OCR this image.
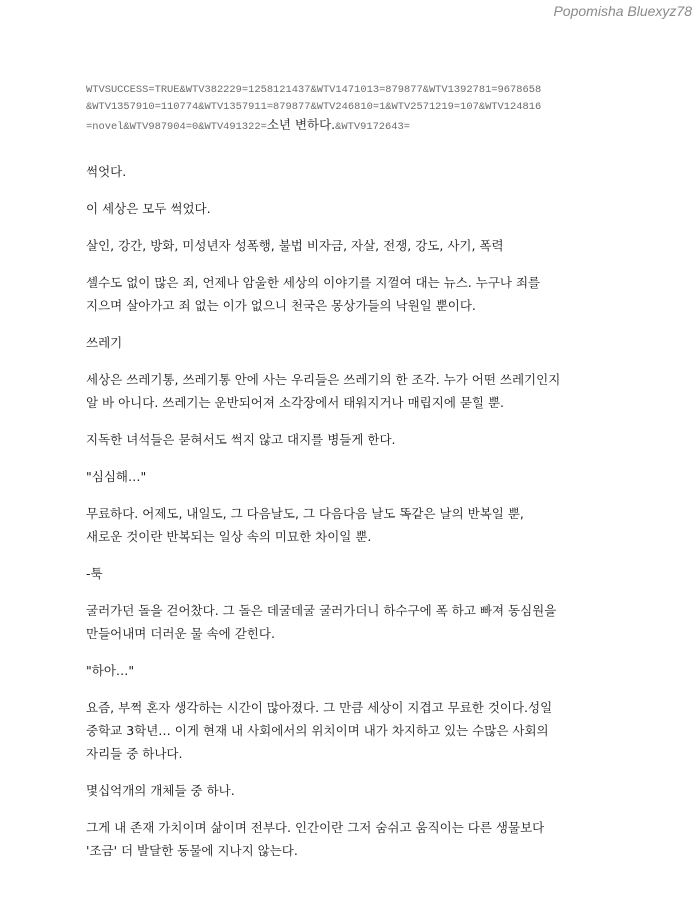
Popomisha Bluexyz78
WTVSUCCESS=TRUE&WTV382229=1258121437&WTV1471013=879877&WTV1392781=9678658
&WTV1357910=110774&WTV1357911=879877&WTV246810=1&WTV2571219=107&WTV124816
=novel&WTV987904=0&WTV491322=소년 변하다.&WTV9172643=

썩엇다.

이 세상은 모두 썩었다.

살인, 강간, 방화, 미성년자 성폭행, 불법 비자금, 자살, 전쟁, 강도, 사기, 폭력

셀수도 없이 많은 죄, 언제나 암울한 세상의 이야기를 지껄여 대는 뉴스. 누구나 죄를
지으며 살아가고 죄 없는 이가 없으니 천국은 몽상가들의 낙원일 뿐이다.

쓰레기

세상은 쓰레기통, 쓰레기통 안에 사는 우리들은 쓰레기의 한 조각. 누가 어떤 쓰레기인지
알 바 아니다. 쓰레기는 운반되어져 소각장에서 태워지거나 매립지에 묻힐 뿐.

지독한 녀석들은 묻혀서도 썩지 않고 대지를 병들게 한다.

"심심해…"

무료하다. 어제도, 내일도, 그 다음날도, 그 다음다음 날도 똑같은 날의 반복일 뿐,
새로운 것이란 반복되는 일상 속의 미묘한 차이일 뿐.

-툭

굴러가던 돌을 걷어찼다. 그 돌은 데굴데굴 굴러가더니 하수구에 폭 하고 빠져 동심원을
만들어내며 더러운 물 속에 갇힌다.

"하아…"

요즘, 부쩍 혼자 생각하는 시간이 많아졌다. 그 만큼 세상이 지겹고 무료한 것이다.성일
중학교 3학년… 이게 현재 내 사회에서의 위치이며 내가 차지하고 있는 수많은 사회의
자리들 중 하나다.

몇십억개의 개체들 중 하나.

그게 내 존재 가치이며 삶이며 전부다. 인간이란 그저 숨쉬고 움직이는 다른 생물보다
'조금' 더 발달한 동물에 지나지 않는다.
